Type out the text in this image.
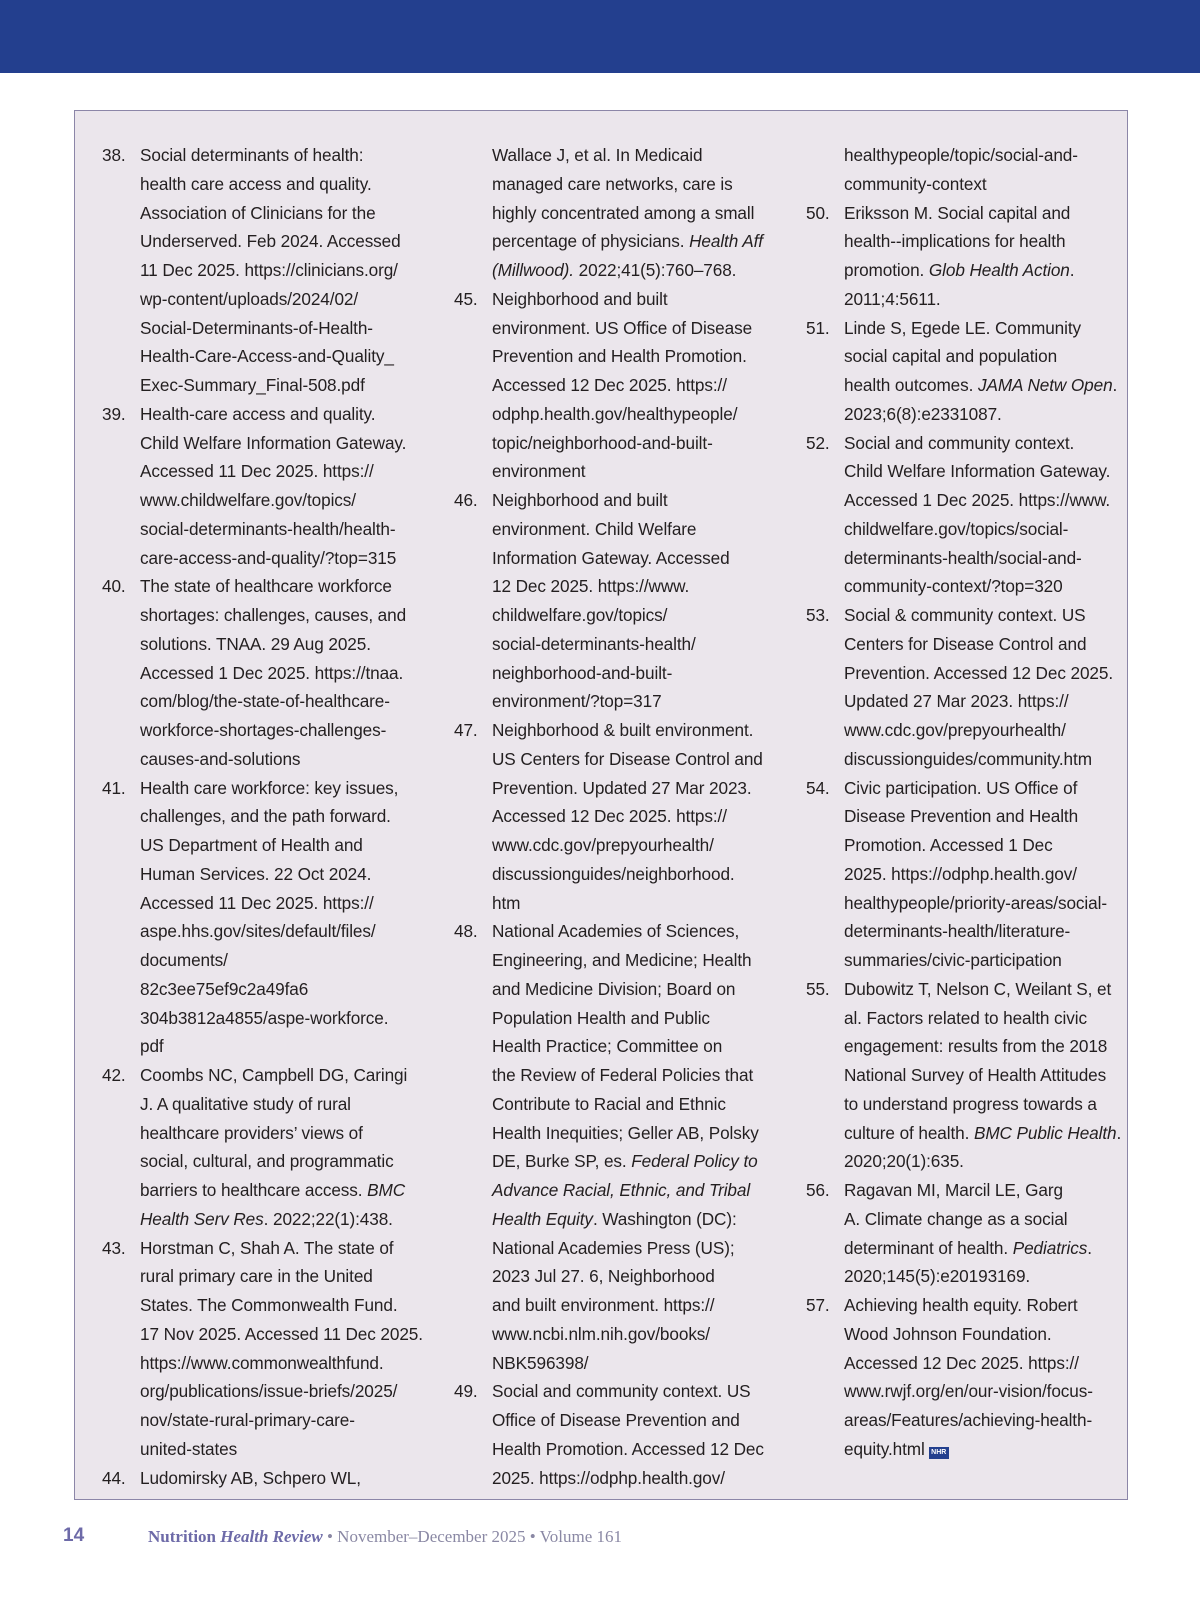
38. Social determinants of health:
health care access and quality.
Association of Clinicians for the
Underserved. Feb 2024. Accessed
11 Dec 2025. https://clinicians.org/
wp-content/uploads/2024/02/
Social-Determinants-of-Health-
Health-Care-Access-and-Quality_
Exec-Summary_Final-508.pdf
39. Health-care access and quality.
Child Welfare Information Gateway.
Accessed 11 Dec 2025. https://
www.childwelfare.gov/topics/
social-determinants-health/health-
care-access-and-quality/?top=315
40. The state of healthcare workforce
shortages: challenges, causes, and
solutions. TNAA. 29 Aug 2025.
Accessed 1 Dec 2025. https://tnaa.
com/blog/the-state-of-healthcare-
workforce-shortages-challenges-
causes-and-solutions
41. Health care workforce: key issues,
challenges, and the path forward.
US Department of Health and
Human Services. 22 Oct 2024.
Accessed 11 Dec 2025. https://
aspe.hhs.gov/sites/default/files/
documents/
82c3ee75ef9c2a49fa6
304b3812a4855/aspe-workforce.
pdf
42. Coombs NC, Campbell DG, Caringi
J. A qualitative study of rural
healthcare providers’ views of
social, cultural, and programmatic
barriers to healthcare access. BMC
Health Serv Res. 2022;22(1):438.
43. Horstman C, Shah A. The state of
rural primary care in the United
States. The Commonwealth Fund.
17 Nov 2025. Accessed 11 Dec 2025.
https://www.commonwealthfund.
org/publications/issue-briefs/2025/
nov/state-rural-primary-care-
united-states
44. Ludomirsky AB, Schpero WL,
Wallace J, et al. In Medicaid
managed care networks, care is
highly concentrated among a small
percentage of physicians. Health Aff
(Millwood). 2022;41(5):760–768.
45. Neighborhood and built
environment. US Office of Disease
Prevention and Health Promotion.
Accessed 12 Dec 2025. https://
odphp.health.gov/healthypeople/
topic/neighborhood-and-built-
environment
46. Neighborhood and built
environment. Child Welfare
Information Gateway. Accessed
12 Dec 2025. https://www.
childwelfare.gov/topics/
social-determinants-health/
neighborhood-and-built-
environment/?top=317
47. Neighborhood & built environment.
US Centers for Disease Control and
Prevention. Updated 27 Mar 2023.
Accessed 12 Dec 2025. https://
www.cdc.gov/prepyourhealth/
discussionguides/neighborhood.
htm
48. National Academies of Sciences,
Engineering, and Medicine; Health
and Medicine Division; Board on
Population Health and Public
Health Practice; Committee on
the Review of Federal Policies that
Contribute to Racial and Ethnic
Health Inequities; Geller AB, Polsky
DE, Burke SP, es. Federal Policy to
Advance Racial, Ethnic, and Tribal
Health Equity. Washington (DC):
National Academies Press (US);
2023 Jul 27. 6, Neighborhood
and built environment. https://
www.ncbi.nlm.nih.gov/books/
NBK596398/
49. Social and community context. US
Office of Disease Prevention and
Health Promotion. Accessed 12 Dec
2025. https://odphp.health.gov/
healthypeople/topic/social-and-
community-context
50. Eriksson M. Social capital and
health--implications for health
promotion. Glob Health Action.
2011;4:5611.
51. Linde S, Egede LE. Community
social capital and population
health outcomes. JAMA Netw Open.
2023;6(8):e2331087.
52. Social and community context.
Child Welfare Information Gateway.
Accessed 1 Dec 2025. https://www.
childwelfare.gov/topics/social-
determinants-health/social-and-
community-context/?top=320
53. Social & community context. US
Centers for Disease Control and
Prevention. Accessed 12 Dec 2025.
Updated 27 Mar 2023. https://
www.cdc.gov/prepyourhealth/
discussionguides/community.htm
54. Civic participation. US Office of
Disease Prevention and Health
Promotion. Accessed 1 Dec
2025. https://odphp.health.gov/
healthypeople/priority-areas/social-
determinants-health/literature-
summaries/civic-participation
55. Dubowitz T, Nelson C, Weilant S, et
al. Factors related to health civic
engagement: results from the 2018
National Survey of Health Attitudes
to understand progress towards a
culture of health. BMC Public Health.
2020;20(1):635.
56. Ragavan MI, Marcil LE, Garg
A. Climate change as a social
determinant of health. Pediatrics.
2020;145(5):e20193169.
57. Achieving health equity. Robert
Wood Johnson Foundation.
Accessed 12 Dec 2025. https://
www.rwjf.org/en/our-vision/focus-
areas/Features/achieving-health-
equity.html NHR
14	Nutrition Health Review • November–December 2025 • Volume 161
